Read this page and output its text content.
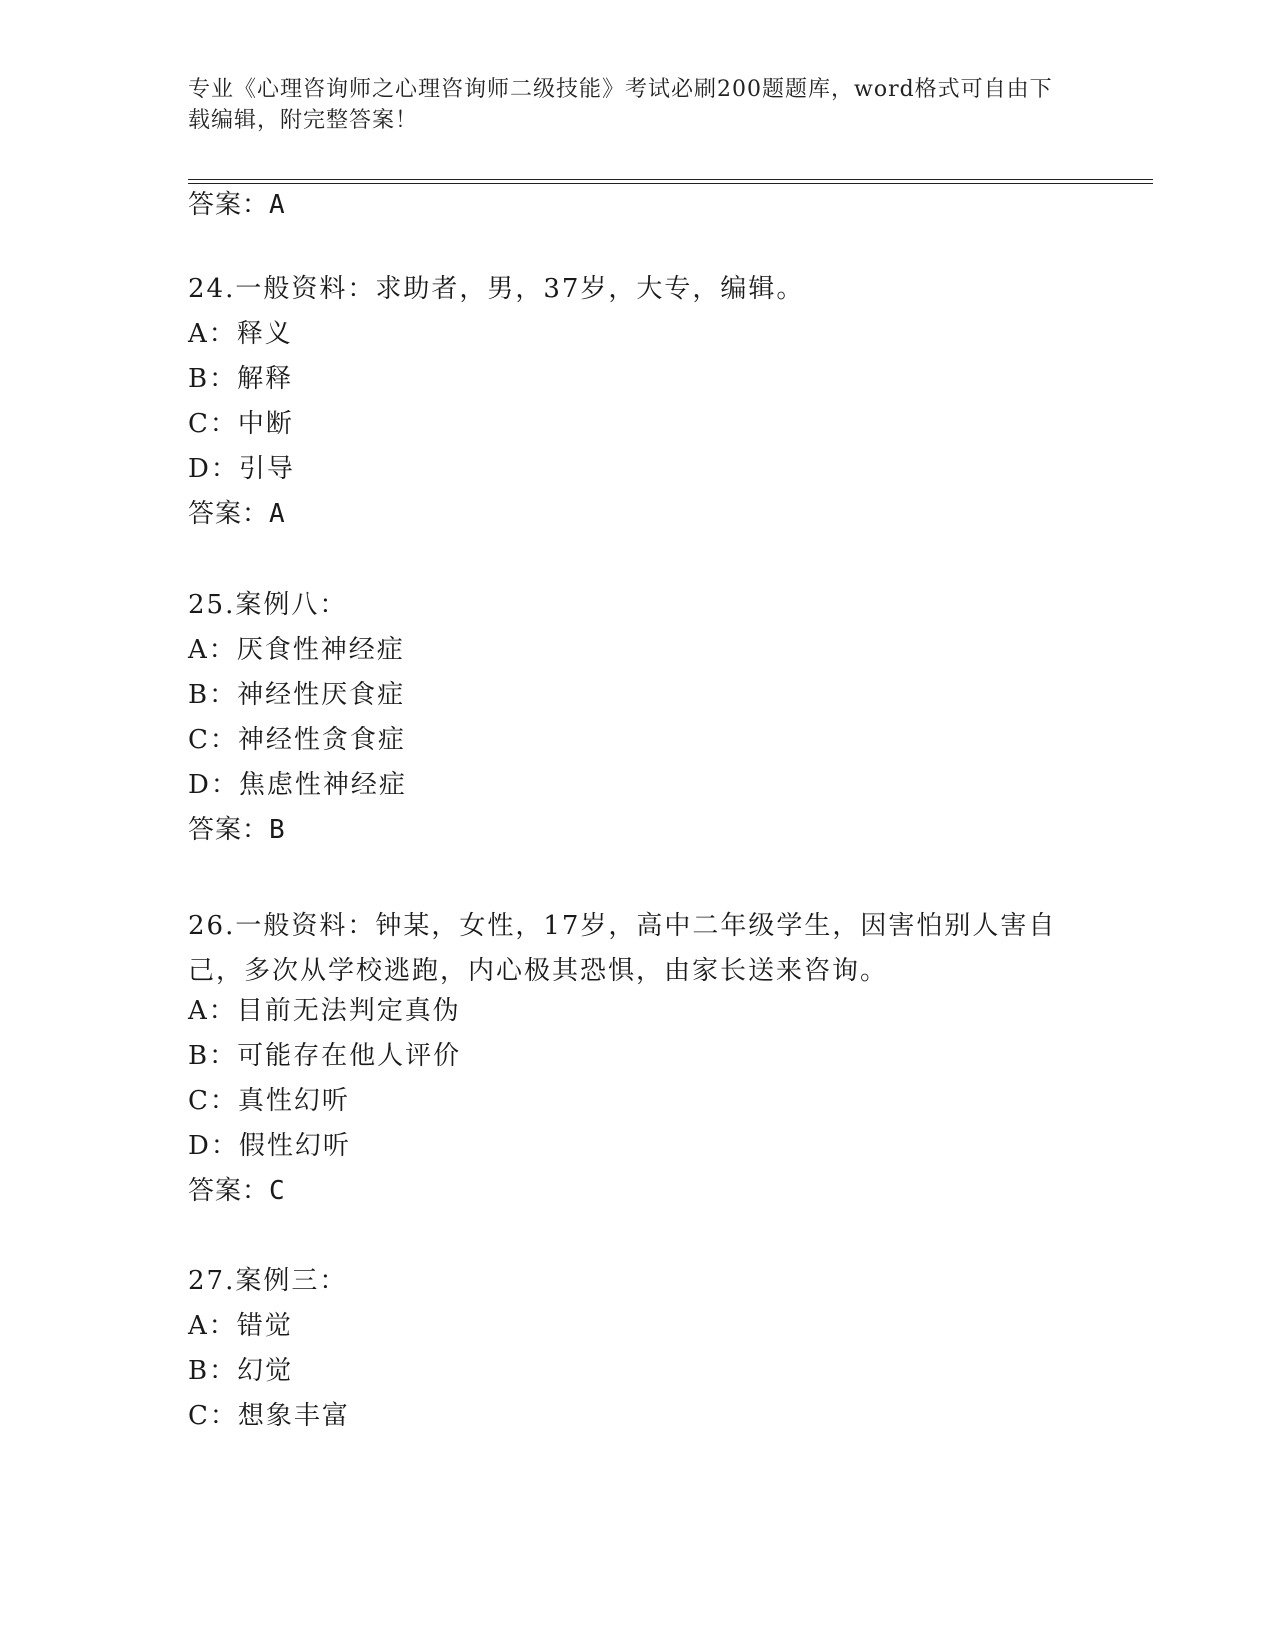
专业《心理咨询师之心理咨询师二级技能》考试必刷200题题库，word格式可自由下载编辑，附完整答案！
答案：A
24.一般资料：求助者，男，37岁，大专，编辑。
A：释义
B：解释
C：中断
D：引导
答案：A
25.案例八：
A：厌食性神经症
B：神经性厌食症
C：神经性贪食症
D：焦虑性神经症
答案：B
26.一般资料：钟某，女性，17岁，高中二年级学生，因害怕别人害自己，多次从学校逃跑，内心极其恐惧，由家长送来咨询。
A：目前无法判定真伪
B：可能存在他人评价
C：真性幻听
D：假性幻听
答案：C
27.案例三：
A：错觉
B：幻觉
C：想象丰富
